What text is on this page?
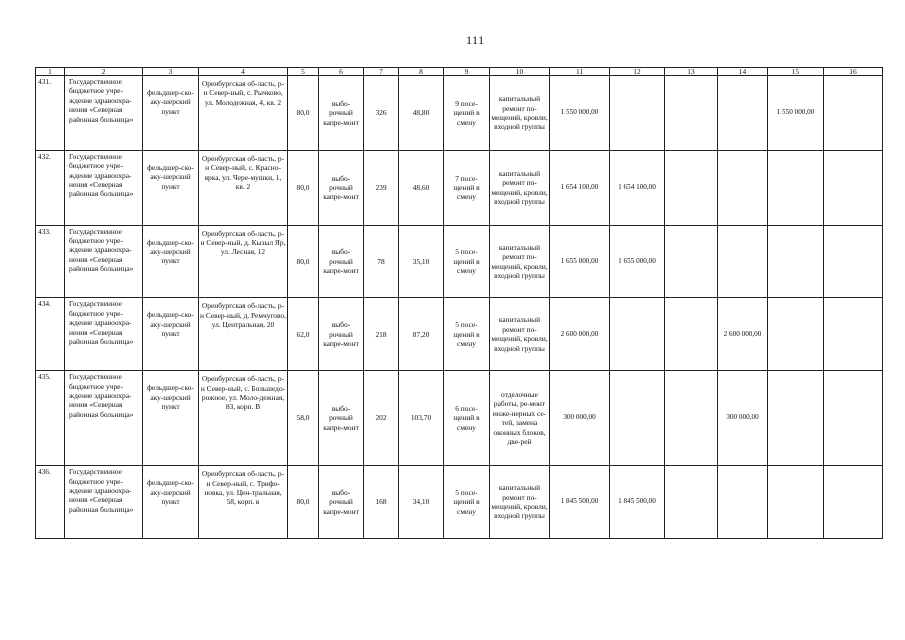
111
1	2	3	4	5	6	7	8	9	10	11	12	13	14	15	16
431.	Государственное бюджетное учре-ждение здравоохра-нения «Северная районная больница»	фельдшер-ско-аку-шерский пункт	Оренбургская об-ласть, р-н Север-ный, с. Рычково, ул. Молодежная, 4, кв. 2	80,0	выбо-рочный капре-монт	326	48,80	9 посе-щений в смену	капитальный ремонт по-мещений, кровли, входной группы	1 550 000,00				1 550 000,00	
432.	Государственное бюджетное учре-ждение здравоохра-нения «Северная районная больница»	фельдшер-ско-аку-шерский пункт	Оренбургская об-ласть, р-н Север-ный, с. Красно-ярка, ул. Черe-мушки, 1, кв. 2	80,0	выбо-рочный капре-монт	239	48,60	7 посе-щений в смену	капитальный ремонт по-мещений, кровли, входной группы	1 654 100,00	1 654 100,00				
433.	Государственное бюджетное учре-ждение здравоохра-нения «Северная районная больница»	фельдшер-ско-аку-шерский пункт	Оренбургская об-ласть, р-н Север-ный, д. Кызыл Яр, ул. Лесная, 12	80,0	выбо-рочный капре-монт	78	35,10	5 посе-щений в смену	капитальный ремонт по-мещений, кровли, входной группы	1 655 000,00	1 655 000,00				
434.	Государственное бюджетное учре-ждение здравоохра-нения «Северная районная больница»	фельдшер-ско-аку-шерский пункт	Оренбургская об-ласть, р-н Север-ный, д. Ремчугово, ул. Центральная, 20	62,0	выбо-рочный капре-монт	218	87,20	5 посе-щений в смену	капитальный ремонт по-мещений, кровли, входной группы	2 600 000,00			2 600 000,00		
435.	Государственное бюджетное учре-ждение здравоохра-нения «Северная районная больница»	фельдшер-ско-аку-шерский пункт	Оренбургская об-ласть, р-н Север-ный, с. Большедо-рожное, ул. Моло-дежная, 83, корп. В	58,0	выбо-рочный капре-монт	202	103,70	6 посе-щений в смену	отделочные работы, ре-монт инже-нерных се-тей, замена оконных блоков, две-рей	300 000,00			300 000,00		
436.	Государственное бюджетное учре-ждение здравоохра-нения «Северная районная больница»	фельдшер-ско-аку-шерский пункт	Оренбургская об-ласть, р-н Север-ный, с. Трифо-новка, ул. Цен-тральная, 58, корп. в	80,0	выбо-рочный капре-монт	168	34,10	5 посе-щений в смену	капитальный ремонт по-мещений, кровли, входной группы	1 845 500,00	1 845 500,00				
